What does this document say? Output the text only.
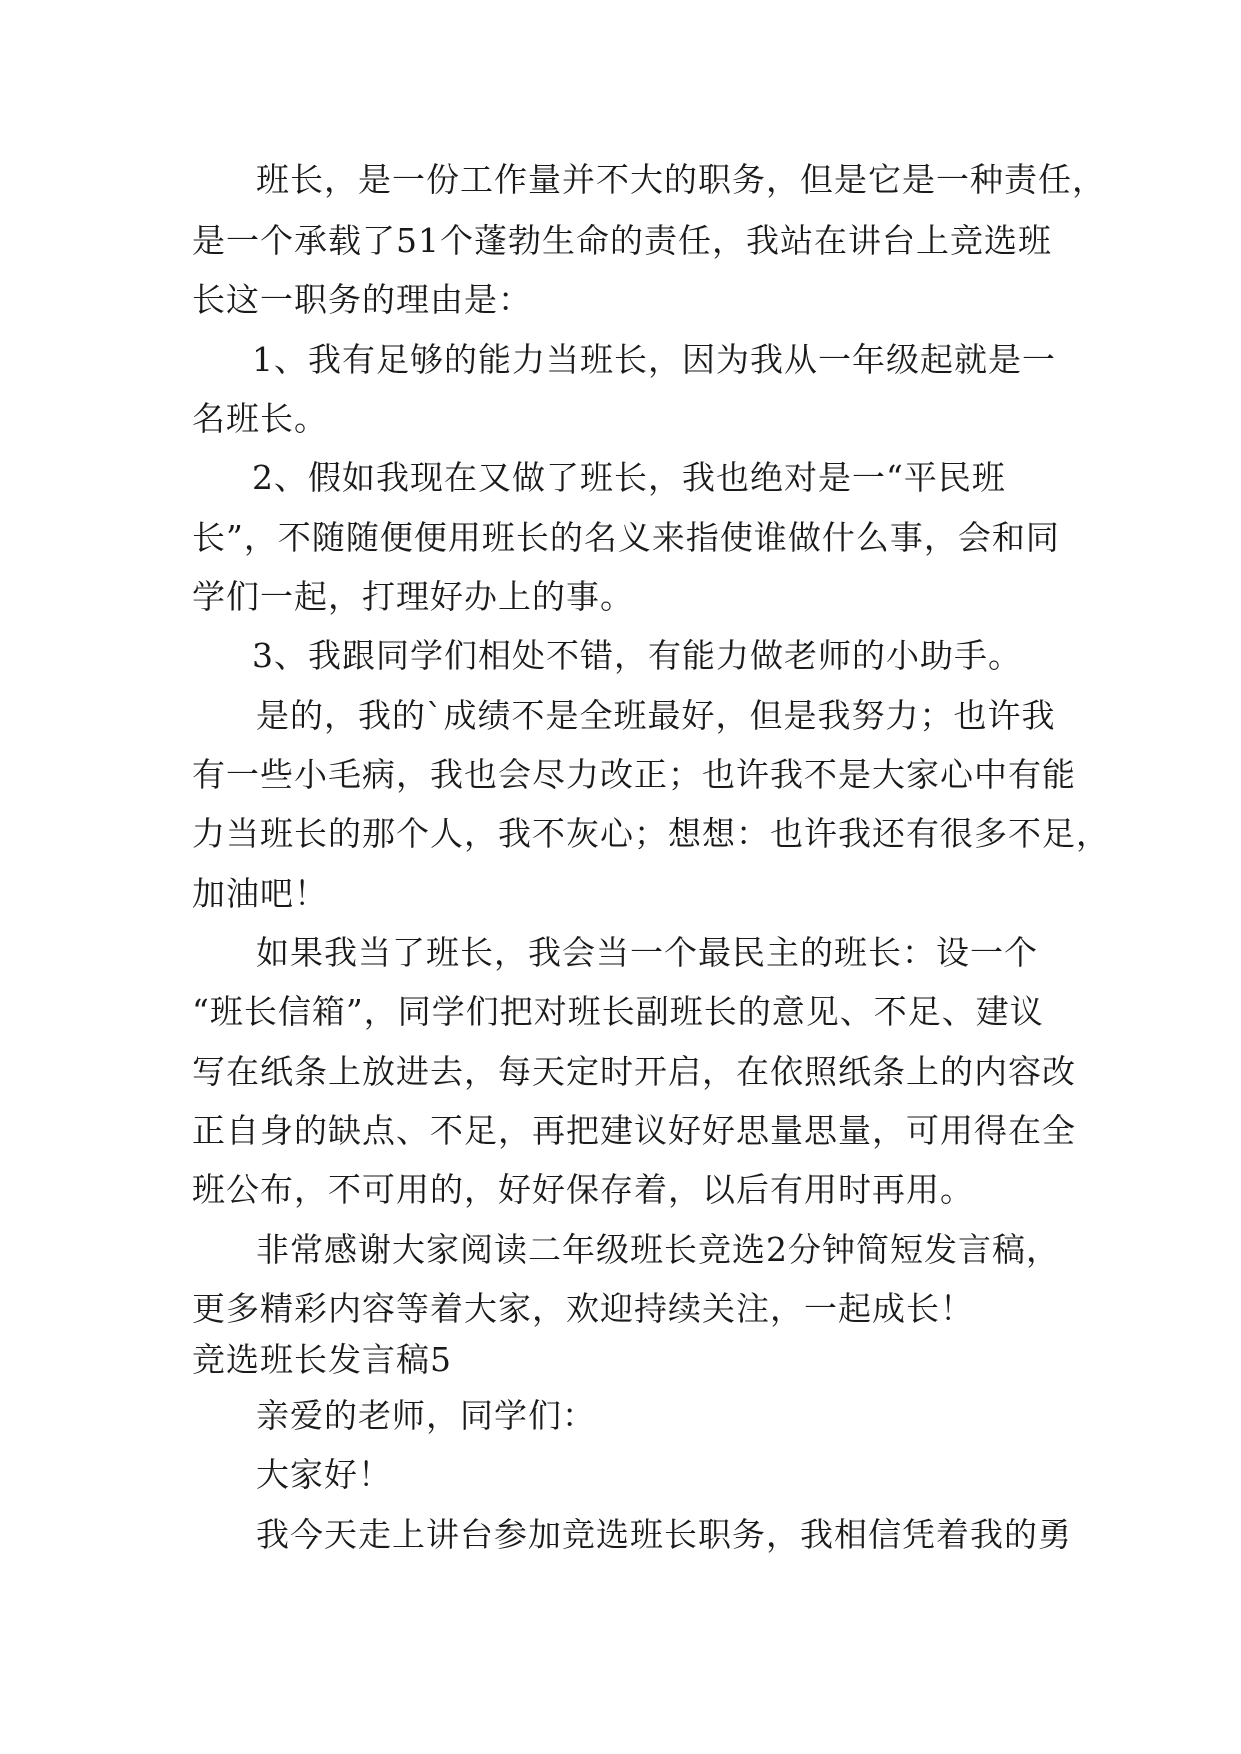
班长，是一份工作量并不大的职务，但是它是一种责任，
是一个承载了51个蓬勃生命的责任，我站在讲台上竞选班
长这一职务的理由是：
1、我有足够的能力当班长，因为我从一年级起就是一
名班长。
2、假如我现在又做了班长，我也绝对是一“平民班
长”，不随随便便用班长的名义来指使谁做什么事，会和同
学们一起，打理好办上的事。
3、我跟同学们相处不错，有能力做老师的小助手。
是的，我的`成绩不是全班最好，但是我努力；也许我
有一些小毛病，我也会尽力改正；也许我不是大家心中有能
力当班长的那个人，我不灰心；想想：也许我还有很多不足，
加油吧！
如果我当了班长，我会当一个最民主的班长：设一个
“班长信箱”，同学们把对班长副班长的意见、不足、建议
写在纸条上放进去，每天定时开启，在依照纸条上的内容改
正自身的缺点、不足，再把建议好好思量思量，可用得在全
班公布，不可用的，好好保存着，以后有用时再用。
非常感谢大家阅读二年级班长竞选2分钟简短发言稿，
更多精彩内容等着大家，欢迎持续关注，一起成长！
竞选班长发言稿5
亲爱的老师，同学们：
大家好！
我今天走上讲台参加竞选班长职务，我相信凭着我的勇
